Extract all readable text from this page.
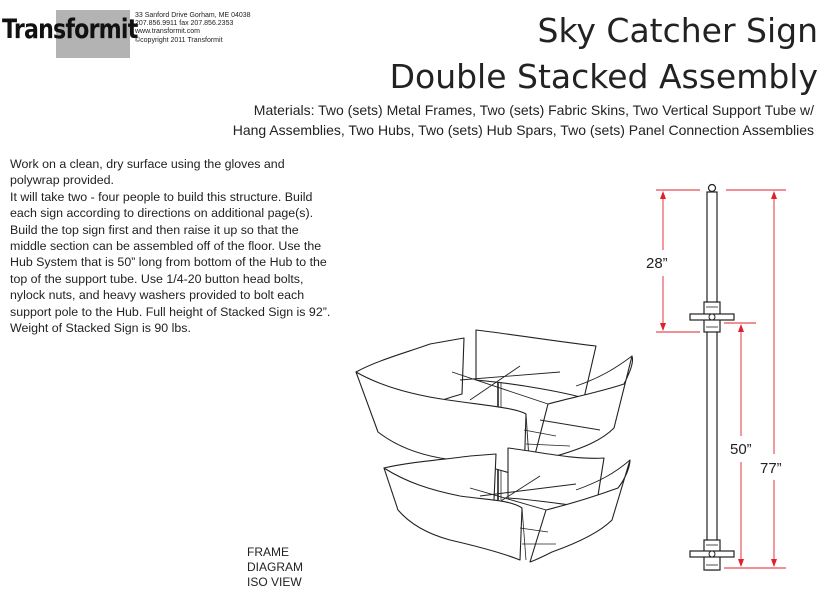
Transformit
33 Sanford Drive Gorham, ME 04038
207.856.9911 fax 207.856.2353
www.transformit.com
©copyright 2011 Transformit	Sky Catcher Sign
Double Stacked Assembly
Materials: Two (sets) Metal Frames, Two (sets) Fabric Skins, Two Vertical Support Tube w/
Hang Assemblies, Two Hubs, Two (sets) Hub Spars, Two (sets) Panel Connection Assemblies
Work on a clean, dry surface using the gloves and
polywrap provided.
It will take two - four people to build this structure. Build
each sign according to directions on additional page(s).
Build the top sign first and then raise it up so that the
middle section can be assembled off of the floor. Use the
Hub System that is 50” long from bottom of the Hub to the
top of the support tube. Use 1/4-20 button head bolts,
nylock nuts, and heavy washers provided to bolt each
support pole to the Hub. Full height of Stacked Sign is 92”.
Weight of Stacked Sign is 90 lbs.
FRAME
DIAGRAM
ISO VIEW
28”
50”
77”
